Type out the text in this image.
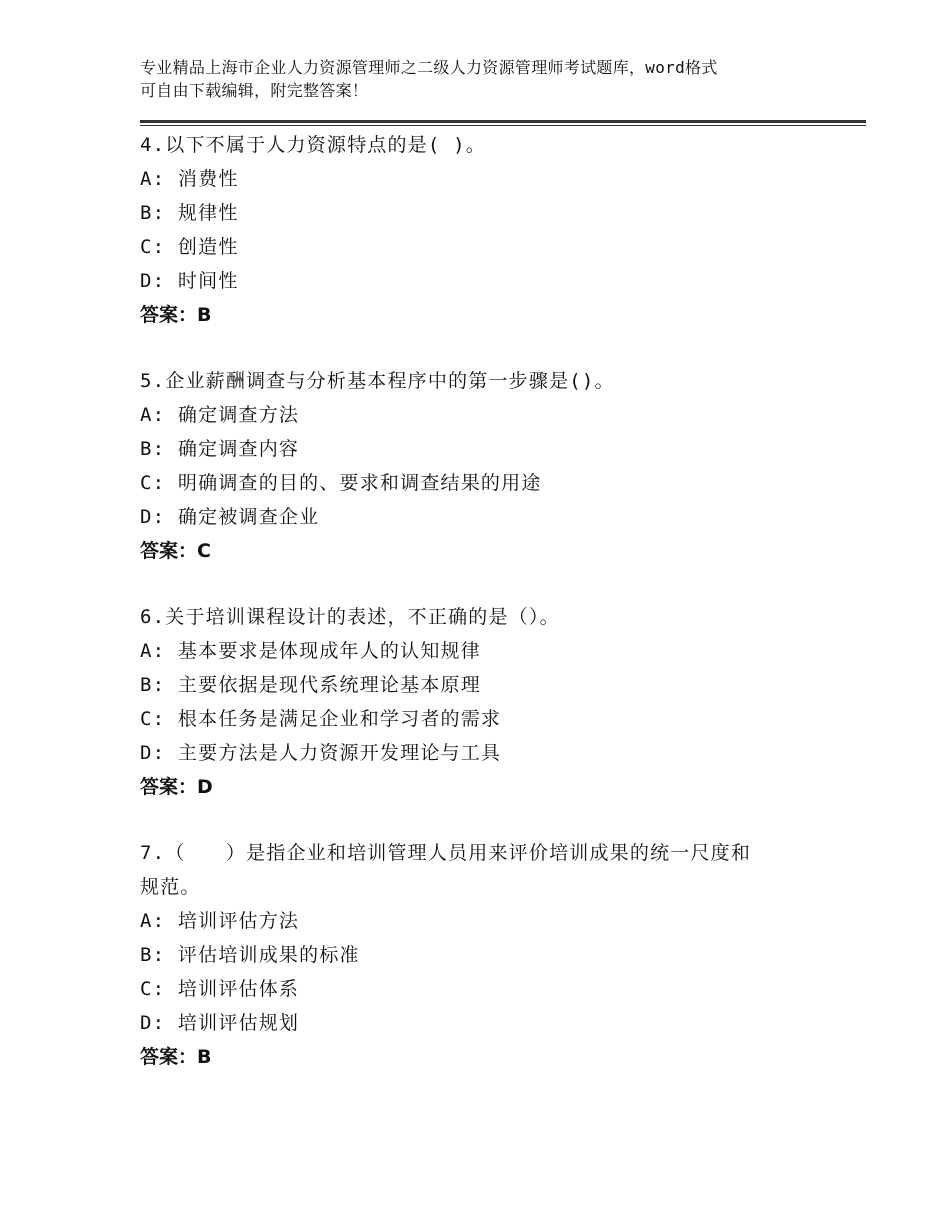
专业精品上海市企业人力资源管理师之二级人力资源管理师考试题库，word格式
可自由下载编辑，附完整答案！
4.以下不属于人力资源特点的是( )。
A: 消费性
B: 规律性
C: 创造性
D: 时间性
答案：B
5.企业薪酬调查与分析基本程序中的第一步骤是()。
A: 确定调查方法
B: 确定调查内容
C: 明确调查的目的、要求和调查结果的用途
D: 确定被调查企业
答案：C
6.关于培训课程设计的表述，不正确的是（）。
A: 基本要求是体现成年人的认知规律
B: 主要依据是现代系统理论基本原理
C: 根本任务是满足企业和学习者的需求
D: 主要方法是人力资源开发理论与工具
答案：D
7.（　　）是指企业和培训管理人员用来评价培训成果的统一尺度和
规范。
A: 培训评估方法
B: 评估培训成果的标准
C: 培训评估体系
D: 培训评估规划
答案：B
